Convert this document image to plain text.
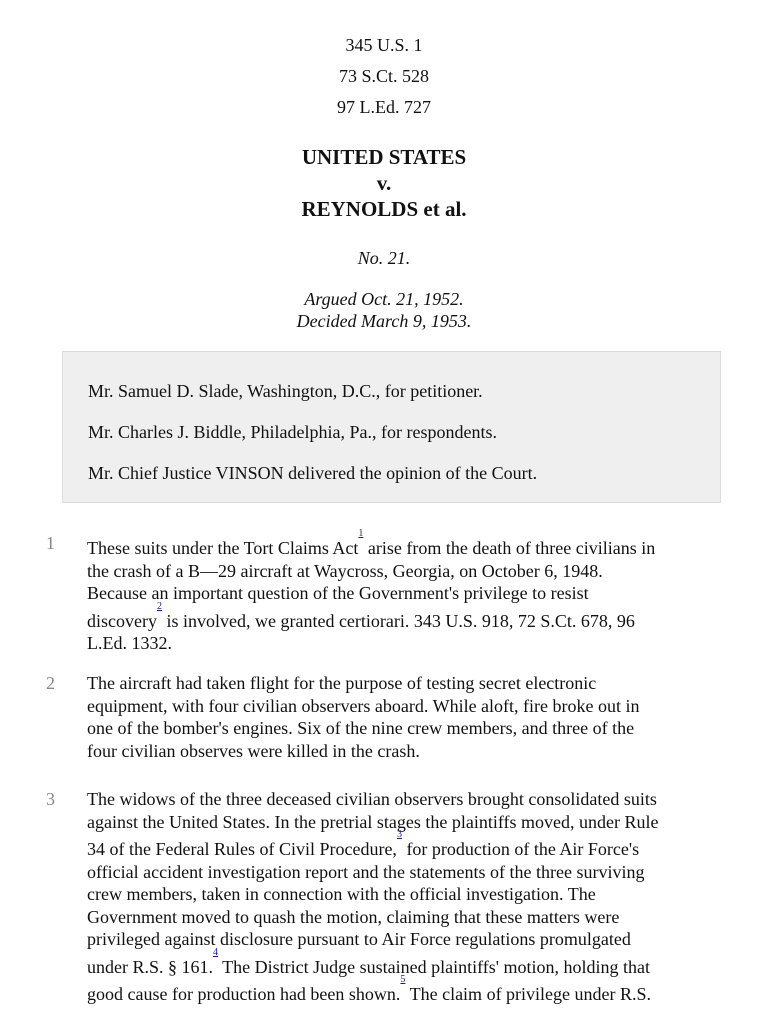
345 U.S. 1
73 S.Ct. 528
97 L.Ed. 727
UNITED STATES
v.
REYNOLDS et al.
No. 21.
Argued Oct. 21, 1952.
Decided March 9, 1953.

Mr. Samuel D. Slade, Washington, D.C., for petitioner.

Mr. Charles J. Biddle, Philadelphia, Pa., for respondents.

Mr. Chief Justice VINSON delivered the opinion of the Court.

1 These suits under the Tort Claims Act$^{^1}$ arise from the death of three civilians in
the crash of a B—29 aircraft at Waycross, Georgia, on October 6, 1948.
Because an important question of the Government's privilege to resist
discovery$^{^2}$ is involved, we granted certiorari. 343 U.S. 918, 72 S.Ct. 678, 96
L.Ed. 1332.
2 The aircraft had taken flight for the purpose of testing secret electronic
equipment, with four civilian observers aboard. While aloft, fire broke out in
one of the bomber's engines. Six of the nine crew members, and three of the
four civilian observes were killed in the crash.
3 The widows of the three deceased civilian observers brought consolidated suits
against the United States. In the pretrial stages the plaintiffs moved, under Rule
34 of the Federal Rules of Civil Procedure,$^{^3}$ for production of the Air Force's
official accident investigation report and the statements of the three surviving
crew members, taken in connection with the official investigation. The
Government moved to quash the motion, claiming that these matters were
privileged against disclosure pursuant to Air Force regulations promulgated
under R.S. § 161.$^{^4}$ The District Judge sustained plaintiffs' motion, holding that
good cause for production had been shown.$^{^5}$ The claim of privilege under R.S.
